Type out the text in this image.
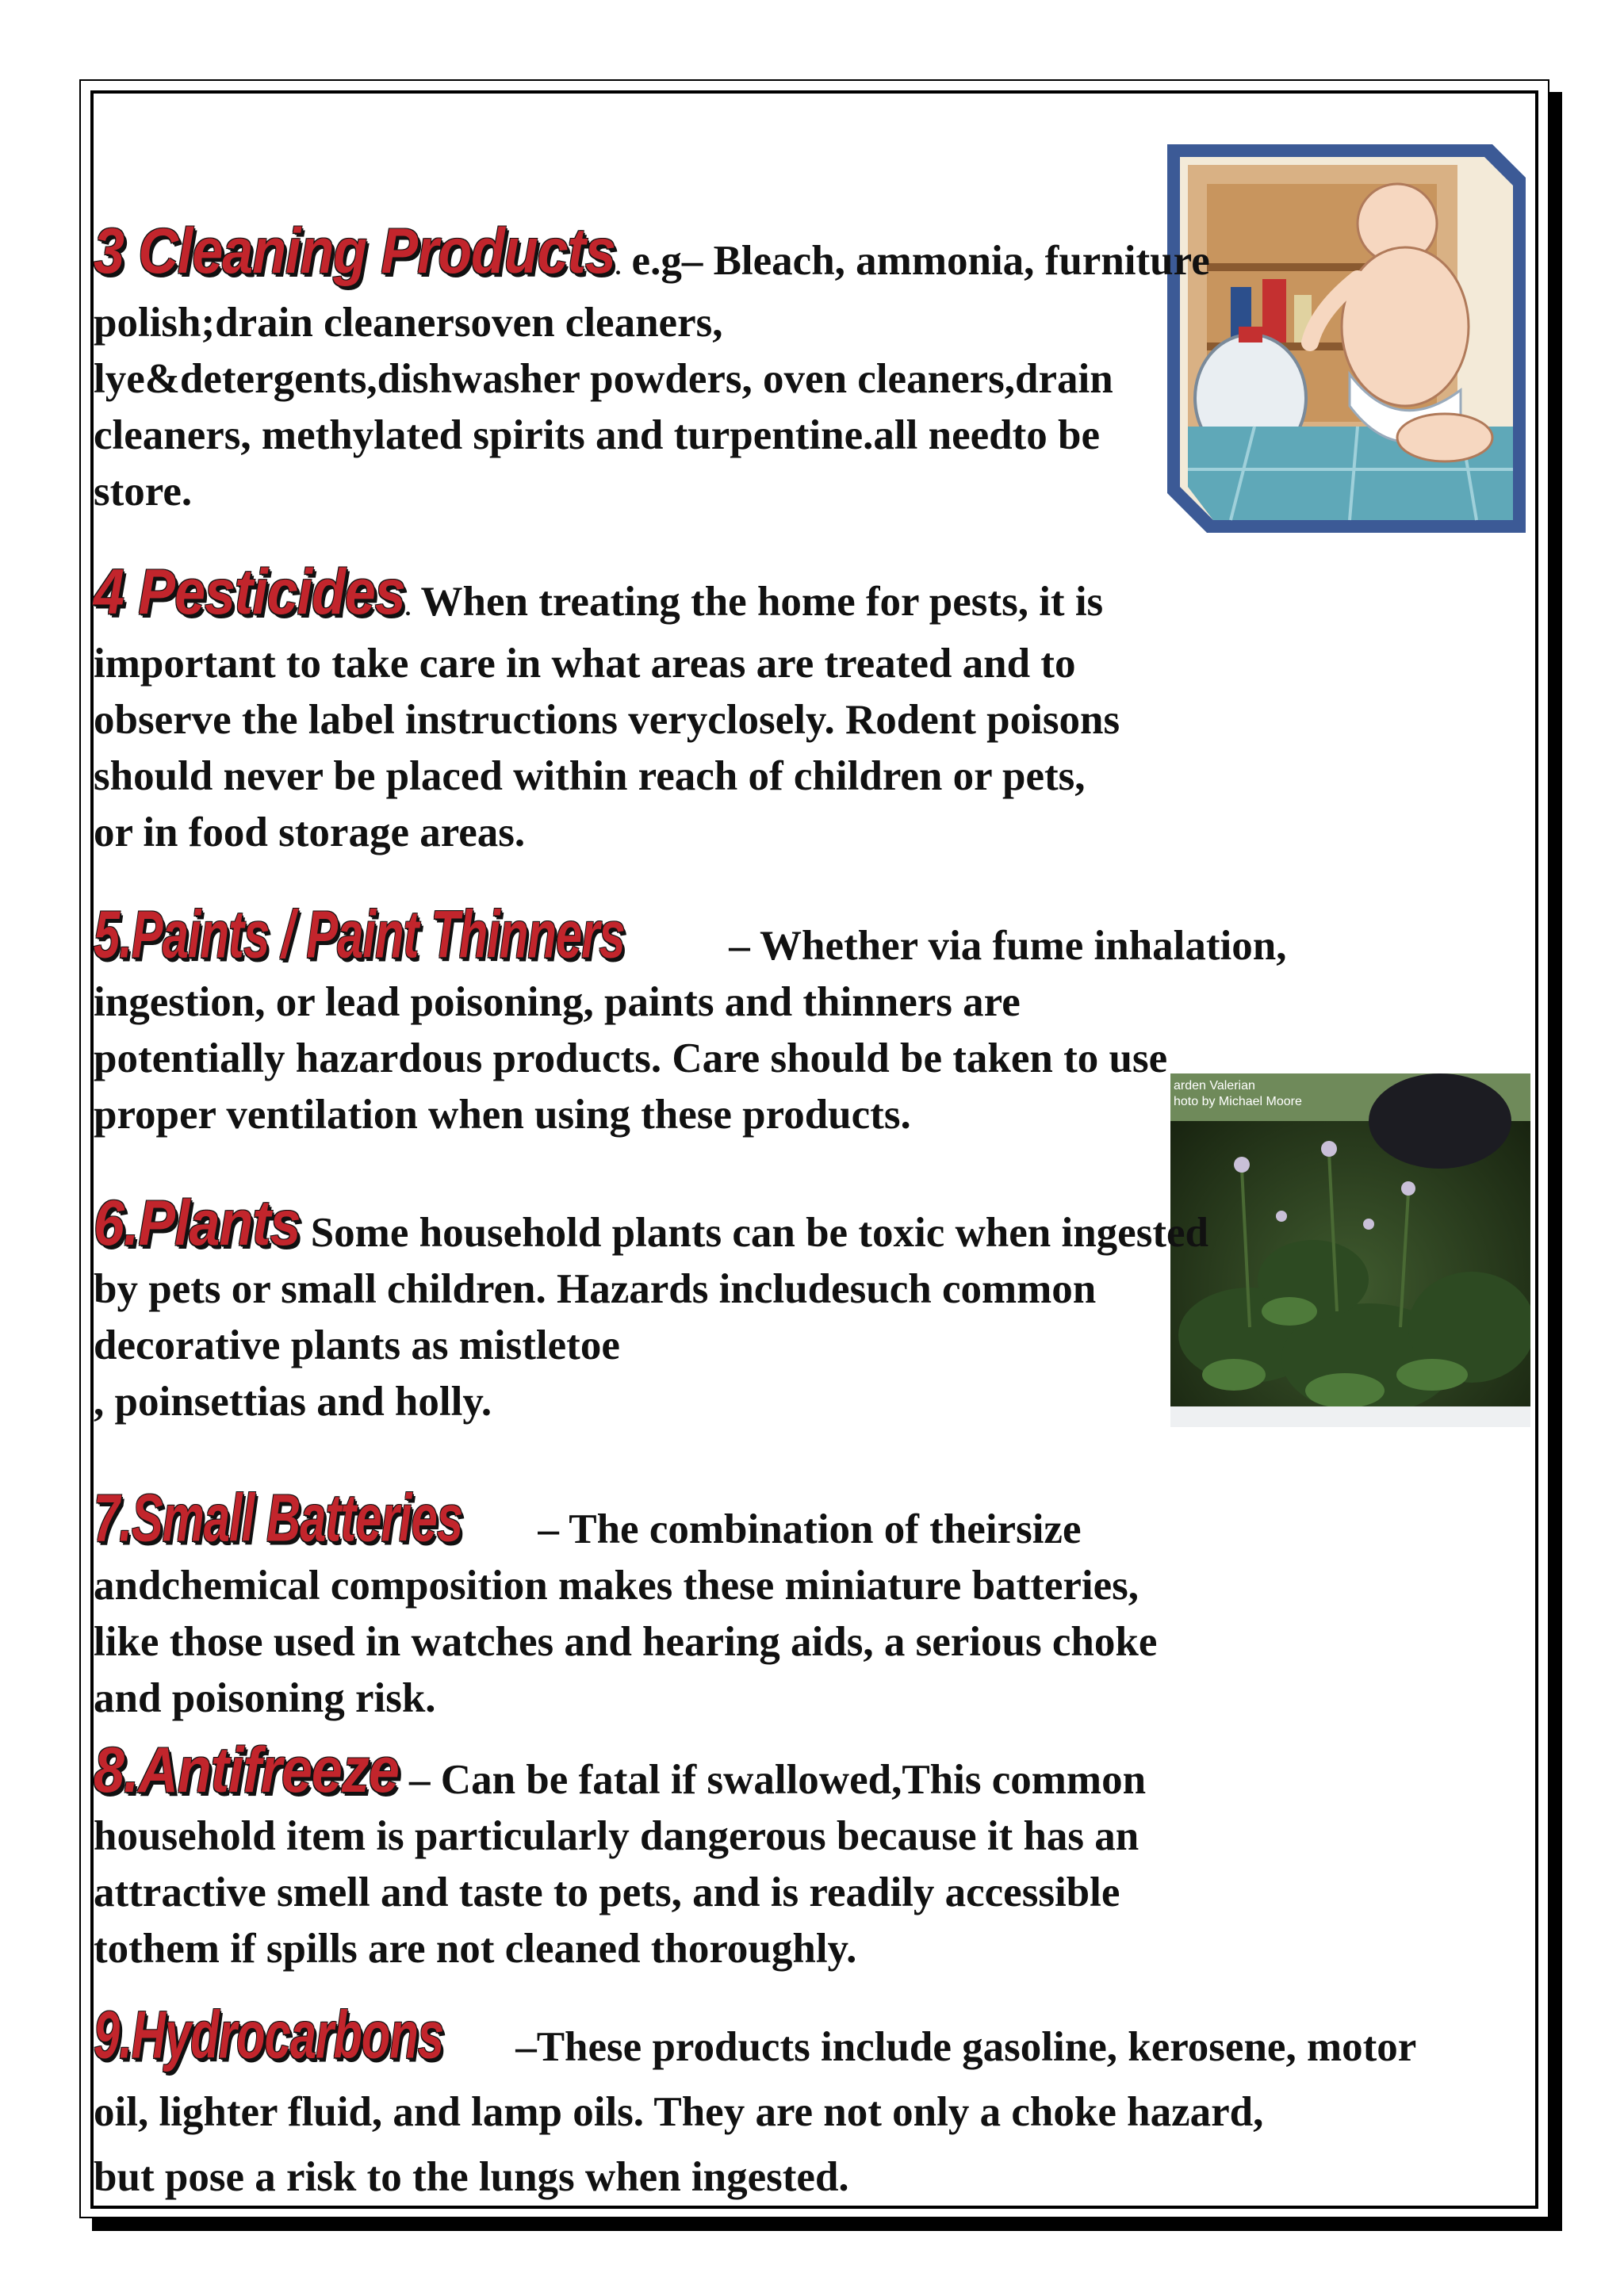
arden Valerian
hoto by Michael Moore

3 Cleaning Products. e.g– Bleach, ammonia, furniture
polish;drain cleanersoven cleaners,
lye&detergents,dishwasher powders, oven cleaners,drain
cleaners, methylated spirits and turpentine.all needto be
store.

4 Pesticides. When treating the home for pests, it is
important to take care in what areas are treated and to
observe the label instructions veryclosely. Rodent poisons
should never be placed within reach of children or pets,
or in food storage areas.

5.Paints / Paint Thinners – Whether via fume inhalation,
ingestion, or lead poisoning, paints and thinners are
potentially hazardous products. Care should be taken to use
proper ventilation when using these products.

6.Plants Some household plants can be toxic when ingested
by pets or small children. Hazards includesuch common
decorative plants as mistletoe
, poinsettias and holly.

7.Small Batteries – The combination of theirsize
andchemical composition makes these miniature batteries,
like those used in watches and hearing aids, a serious choke
and poisoning risk.

8.Antifreeze – Can be fatal if swallowed,This common
household item is particularly dangerous because it has an
attractive smell and taste to pets, and is readily accessible
tothem if spills are not cleaned thoroughly.

9.Hydrocarbons –These products include gasoline, kerosene, motor
oil, lighter fluid, and lamp oils. They are not only a choke hazard,
but pose a risk to the lungs when ingested.
